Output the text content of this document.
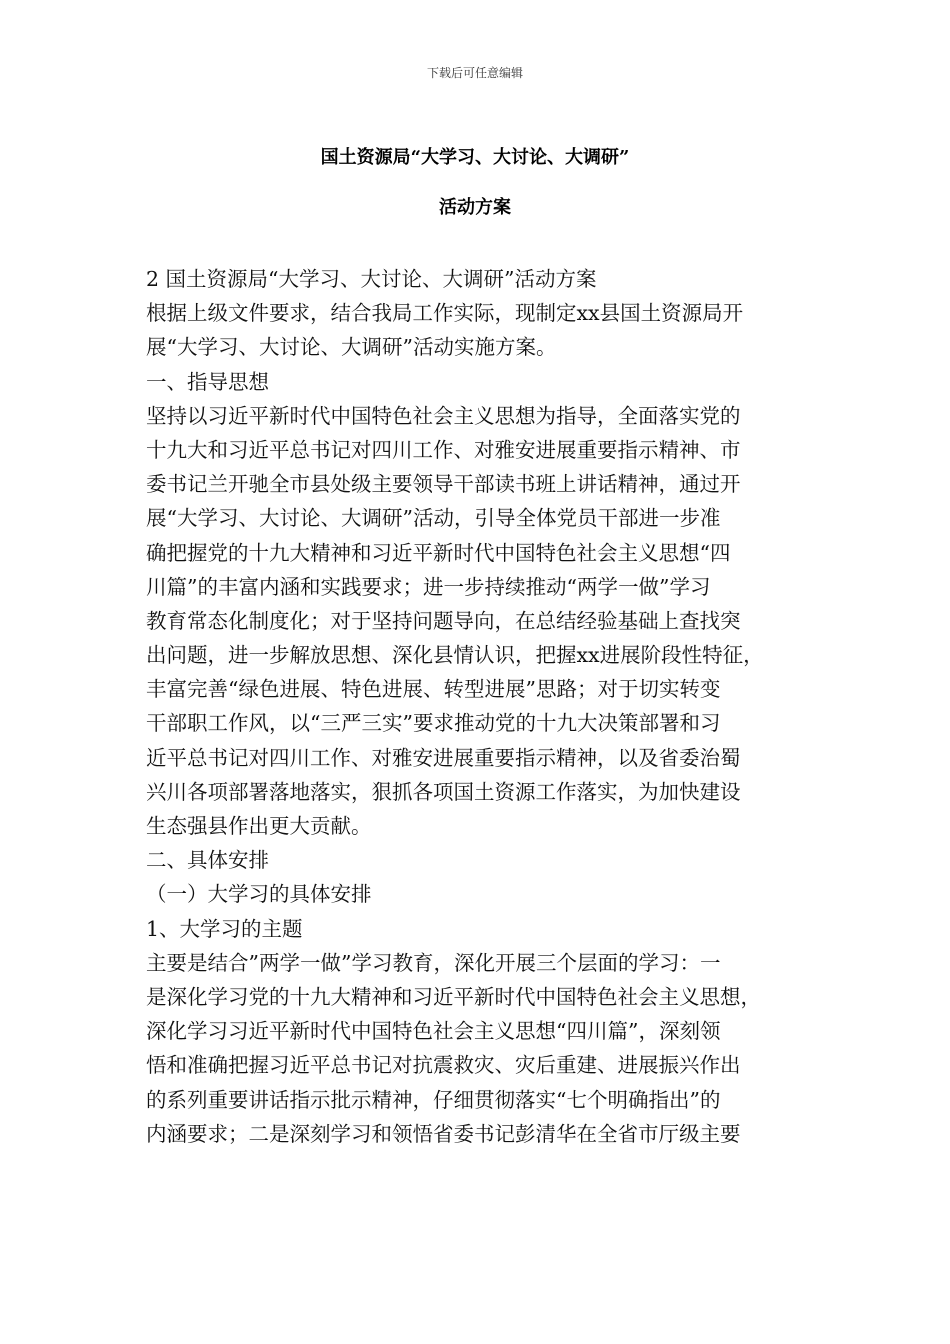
下载后可任意编辑
国土资源局“大学习、大讨论、大调研”
活动方案
2 国土资源局“大学习、大讨论、大调研”活动方案
根据上级文件要求，结合我局工作实际，现制定xx县国土资源局开
展“大学习、大讨论、大调研”活动实施方案。
一、指导思想
坚持以习近平新时代中国特色社会主义思想为指导，全面落实党的
十九大和习近平总书记对四川工作、对雅安进展重要指示精神、市
委书记兰开驰全市县处级主要领导干部读书班上讲话精神，通过开
展“大学习、大讨论、大调研”活动，引导全体党员干部进一步准
确把握党的十九大精神和习近平新时代中国特色社会主义思想“四
川篇”的丰富内涵和实践要求；进一步持续推动“两学一做”学习
教育常态化制度化；对于坚持问题导向，在总结经验基础上查找突
出问题，进一步解放思想、深化县情认识，把握xx进展阶段性特征，
丰富完善“绿色进展、特色进展、转型进展”思路；对于切实转变
干部职工作风，以“三严三实”要求推动党的十九大决策部署和习
近平总书记对四川工作、对雅安进展重要指示精神，以及省委治蜀
兴川各项部署落地落实，狠抓各项国土资源工作落实，为加快建设
生态强县作出更大贡献。
二、具体安排
（一）大学习的具体安排
1、大学习的主题
主要是结合”两学一做”学习教育，深化开展三个层面的学习：一
是深化学习党的十九大精神和习近平新时代中国特色社会主义思想，
深化学习习近平新时代中国特色社会主义思想“四川篇”，深刻领
悟和准确把握习近平总书记对抗震救灾、灾后重建、进展振兴作出
的系列重要讲话指示批示精神，仔细贯彻落实“七个明确指出”的
内涵要求；二是深刻学习和领悟省委书记彭清华在全省市厅级主要
